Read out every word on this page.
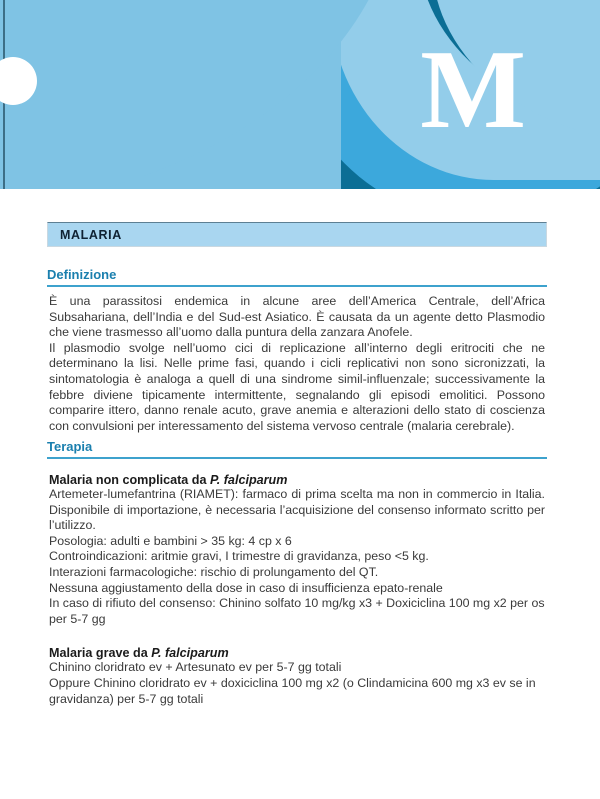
M
MALARIA
Definizione

È una parassitosi endemica in alcune aree dell’America Centrale, dell’Africa Subsahariana, dell’India e del Sud-est Asiatico. È causata da un agente detto Plasmodio che viene trasmesso all’uomo dalla puntura della zanzara Anofele.

Il plasmodio svolge nell’uomo cici di replicazione all’interno degli eritrociti che ne determinano la lisi. Nelle prime fasi, quando i cicli replicativi non sono sicronizzati, la sintomatologia è analoga a quell di una sindrome simil-influenzale; successivamente la febbre diviene tipicamente intermittente, segnalando gli episodi emolitici. Possono comparire ittero, danno renale acuto, grave anemia e alterazioni dello stato di coscienza con convulsioni per interessamento del sistema vervoso centrale (malaria cerebrale).

Terapia

Malaria non complicata da P. falciparum

Artemeter-lumefantrina (RIAMET): farmaco di prima scelta ma non in commercio in Italia. Disponibile di importazione, è necessaria l’acquisizione del consenso informato scritto per l’utilizzo.

Posologia: adulti e bambini > 35 kg: 4 cp x 6

Controindicazioni: aritmie gravi, I trimestre di gravidanza, peso <5 kg.

Interazioni farmacologiche: rischio di prolungamento del QT.

Nessuna aggiustamento della dose in caso di insufficienza epato-renale

In caso di rifiuto del consenso: Chinino solfato 10 mg/kg x3 + Doxiciclina 100 mg x2 per os per 5-7 gg

Malaria grave da P. falciparum

Chinino cloridrato ev + Artesunato ev per 5-7 gg totali

Oppure Chinino cloridrato ev + doxiciclina 100 mg x2 (o Clindamicina 600 mg x3 ev se in gravidanza) per 5-7 gg totali
